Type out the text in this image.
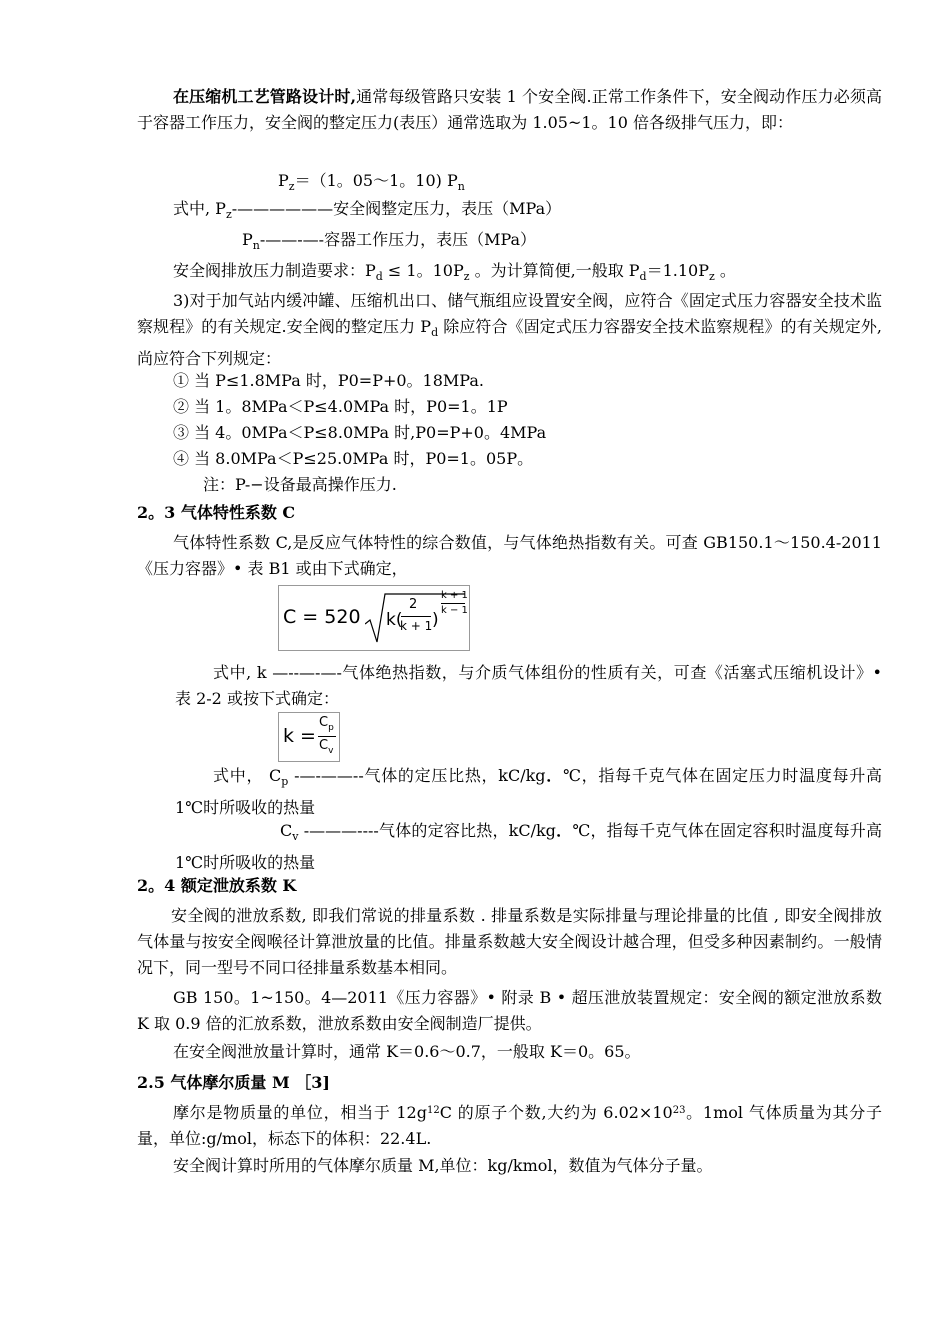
在压缩机工艺管路设计时,通常每级管路只安装 1 个安全阀.正常工作条件下，安全阀动作压力必须高于容器工作压力，安全阀的整定压力(表压）通常选取为 1.05~1。10 倍各级排气压力，即：
$P_z=(1$。05～1。10) $P_n$
式中, $P_z-——————$安全阀整定压力，表压（MPa）
$P_n-——-—-$容器工作压力，表压（MPa）
安全阀排放压力制造要求：$P_d \le 1$。$10P_z$ 。为计算简便,一般取 $P_d=1.10P_z$ 。
3)对于加气站内缓冲罐、压缩机出口、储气瓶组应设置安全阀，应符合《固定式压力容器安全技术监察规程》的有关规定.安全阀的整定压力 $P_d$ 除应符合《固定式压力容器安全技术监察规程》的有关规定外,尚应符合下列规定：
① 当 P≤1.8MPa 时，P0=P+0。18MPa.
② 当 1。8MPa＜P≤4.0MPa 时，P0=1。1P
③ 当 4。0MPa＜P≤8.0MPa 时,P0=P+0。4MPa
④ 当 8.0MPa＜P≤25.0MPa 时，P0=1。05P。
注：P-−设备最高操作压力.
2。3 气体特性系数 C
气体特性系数 C,是反应气体特性的综合数值，与气体绝热指数有关。可查 GB150.1～150.4-2011《压力容器》• 表 B1 或由下式确定，
C = 520 k(
2
k + 1 )
k + 1
k − 1
式中, k —--—-—-气体绝热指数，与介质气体组份的性质有关，可查《活塞式压缩机设计》• 表 2-2 或按下式确定：
k =
$C_p$
$C_v$
式中， $C_p$ -—-——--气体的定压比热，kC/kg．℃，指每千克气体在固定压力时温度每升高 1℃时所吸收的热量
$C_v$ -———----气体的定容比热，kC/kg．℃，指每千克气体在固定容积时温度每升高 1℃时所吸收的热量
2。4 额定泄放系数 K
安全阀的泄放系数, 即我们常说的排量系数 . 排量系数是实际排量与理论排量的比值 , 即安全阀排放气体量与按安全阀喉径计算泄放量的比值。排量系数越大安全阀设计越合理，但受多种因素制约。一般情况下，同一型号不同口径排量系数基本相同。
GB 150。1~150。4—2011《压力容器》• 附录 B • 超压泄放装置规定：安全阀的额定泄放系数 K 取 0.9 倍的汇放系数，泄放系数由安全阀制造厂提供。
在安全阀泄放量计算时，通常 K＝0.6～0.7，一般取 K＝0。65。
2.5 气体摩尔质量 M ［3]
摩尔是物质量的单位，相当于 $12g^{12}C$ 的原子个数,大约为 $6.02\times 10^{23}$。1mol 气体质量为其分子量，单位:g/mol，标态下的体积：22.4L.
安全阀计算时所用的气体摩尔质量 M,单位：kg/kmol，数值为气体分子量。
